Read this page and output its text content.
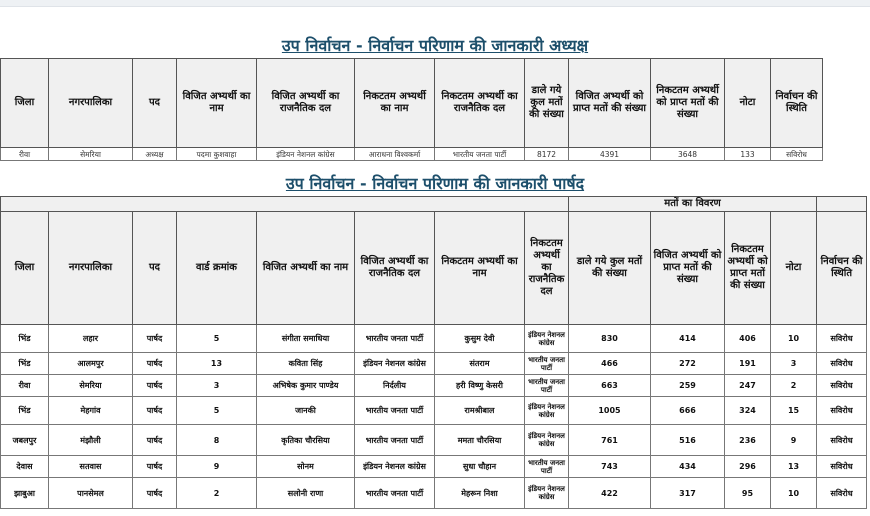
उप निर्वाचन - निर्वाचन परिणाम की जानकारी अध्यक्ष
जिला	नगरपालिका	पद	विजित अभ्यर्थी का नाम	विजित अभ्यर्थी का राजनैतिक दल	निकटतम अभ्यर्थी का नाम	निकटतम अभ्यर्थी का राजनैतिक दल	डाले गये कुल मतों की संख्या	विजित अभ्यर्थी को प्राप्त मतों की संख्या	निकटतम अभ्यर्थी को प्राप्त मतों की संख्या	नोटा	निर्वाचन की स्थिति
रीवा	सेमरिया	अध्यक्ष	पदमा कुशवाहा	इंडियन नेशनल कांग्रेस	आराधना विश्वकर्मा	भारतीय जनता पार्टी	8172	4391	3648	133	सविरोध
उप निर्वाचन - निर्वाचन परिणाम की जानकारी पार्षद
								मतों का विवरण				
जिला	नगरपालिका	पद	वार्ड क्रमांक	विजित अभ्यर्थी का नाम	विजित अभ्यर्थी का राजनैतिक दल	निकटतम अभ्यर्थी का नाम	निकटतम अभ्यर्थी का राजनैतिक दल	डाले गये कुल मतों की संख्या	विजित अभ्यर्थी को प्राप्त मतों की संख्या	निकटतम अभ्यर्थी को प्राप्त मतों की संख्या	नोटा	निर्वाचन की स्थिति
भिंड	लहार	पार्षद	5	संगीता समाधिया	भारतीय जनता पार्टी	कुसुम देवी	इंडियन नेशनल कांग्रेस	830	414	406	10	सविरोध
भिंड	आलमपुर	पार्षद	13	कविता सिंह	इंडियन नेशनल कांग्रेस	संतराम	भारतीय जनता पार्टी	466	272	191	3	सविरोध
रीवा	सेमरिया	पार्षद	3	अभिषेक कुमार पाण्डेय	निर्दलीय	हरी विष्णु केसरी	भारतीय जनता पार्टी	663	259	247	2	सविरोध
भिंड	मेहगांव	पार्षद	5	जानकी	भारतीय जनता पार्टी	रामश्रीबाल	इंडियन नेशनल कांग्रेस	1005	666	324	15	सविरोध
जबलपुर	मंझौली	पार्षद	8	कृतिका चौरसिया	भारतीय जनता पार्टी	ममता चौरसिया	इंडियन नेशनल कांग्रेस	761	516	236	9	सविरोध
देवास	सतवास	पार्षद	9	सोनम	इंडियन नेशनल कांग्रेस	सुधा चौहान	भारतीय जनता पार्टी	743	434	296	13	सविरोध
झाबुआ	पानसेमल	पार्षद	2	सलोनी राणा	भारतीय जनता पार्टी	मेहरून निशा	इंडियन नेशनल कांग्रेस	422	317	95	10	सविरोध
